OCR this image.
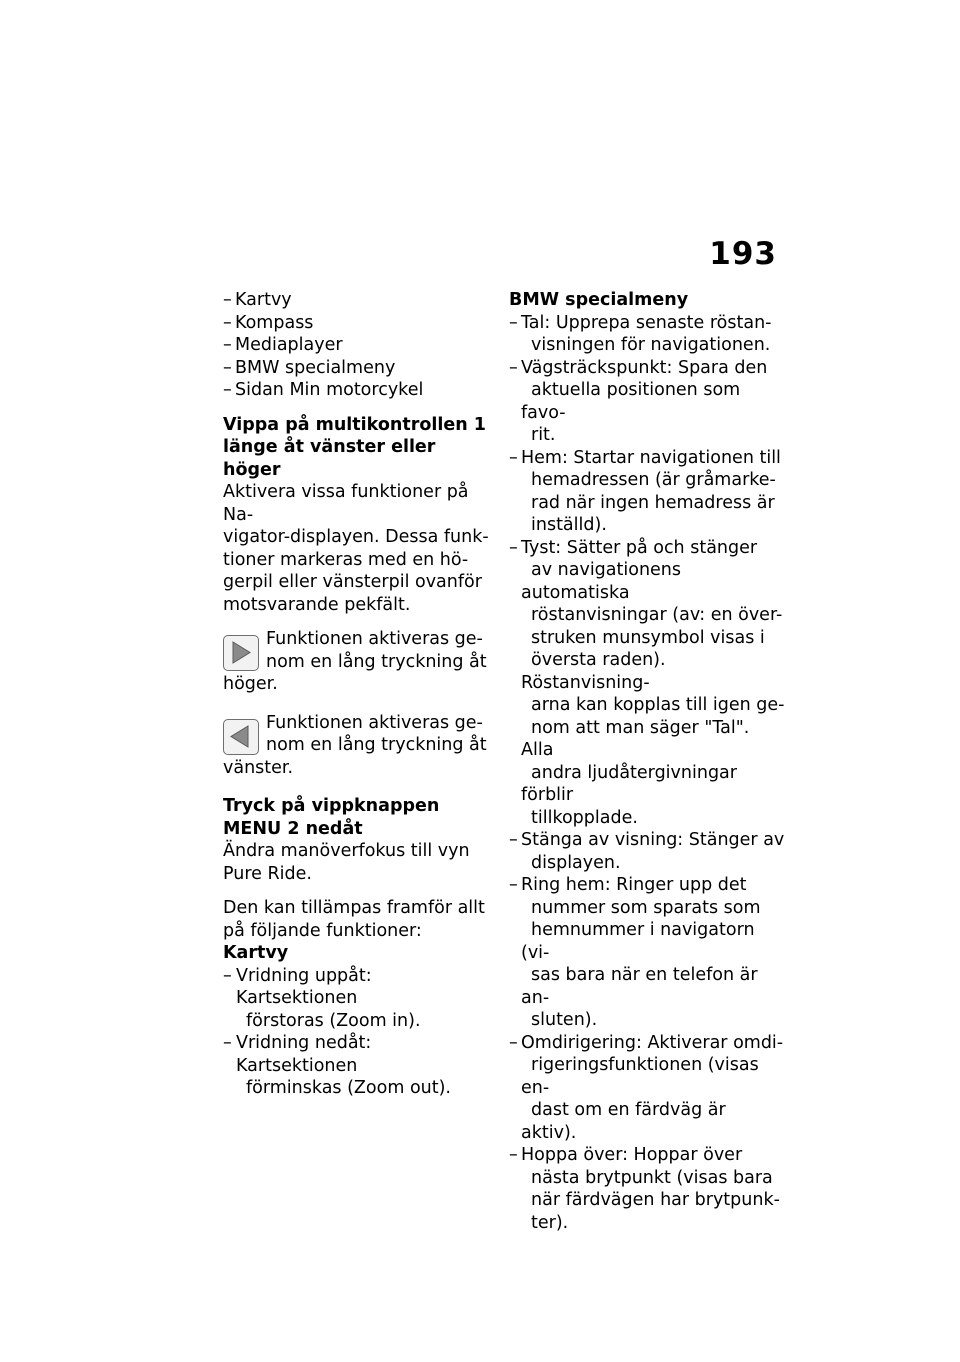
193
– Kartvy
– Kompass
– Mediaplayer
– BMW specialmeny
– Sidan Min motorcykel

Vippa på multikontrollen 1
länge åt vänster eller höger

Aktivera vissa funktioner på Na-
vigator-displayen. Dessa funk-
tioner markeras med en hö-
gerpil eller vänsterpil ovanför
motsvarande pekfält.

Funktionen aktiveras ge-
nom en lång tryckning åt
höger.

Funktionen aktiveras ge-
nom en lång tryckning åt
vänster.

Tryck på vippknappen
MENU 2 nedåt

Ändra manöverfokus till vyn
Pure Ride.

Den kan tillämpas framför allt
på följande funktioner:

Kartvy

– Vridning uppåt: Kartsektionen
förstoras (Zoom in).
– Vridning nedåt: Kartsektionen
förminskas (Zoom out).

BMW specialmeny

– Tal: Upprepa senaste röstan-
visningen för navigationen.
– Vägsträckspunkt: Spara den
aktuella positionen som favo-
rit.
– Hem: Startar navigationen till
hemadressen (är gråmarke-
rad när ingen hemadress är
inställd).
– Tyst: Sätter på och stänger
av navigationens automatiska
röstanvisningar (av: en över-
struken munsymbol visas i
översta raden). Röstanvisning-
arna kan kopplas till igen ge-
nom att man säger "Tal". Alla
andra ljudåtergivningar förblir
tillkopplade.
– Stänga av visning: Stänger av
displayen.
– Ring hem: Ringer upp det
nummer som sparats som
hemnummer i navigatorn (vi-
sas bara när en telefon är an-
sluten).
– Omdirigering: Aktiverar omdi-
rigeringsfunktionen (visas en-
dast om en färdväg är aktiv).
– Hoppa över: Hoppar över
nästa brytpunkt (visas bara
när färdvägen har brytpunk-
ter).
